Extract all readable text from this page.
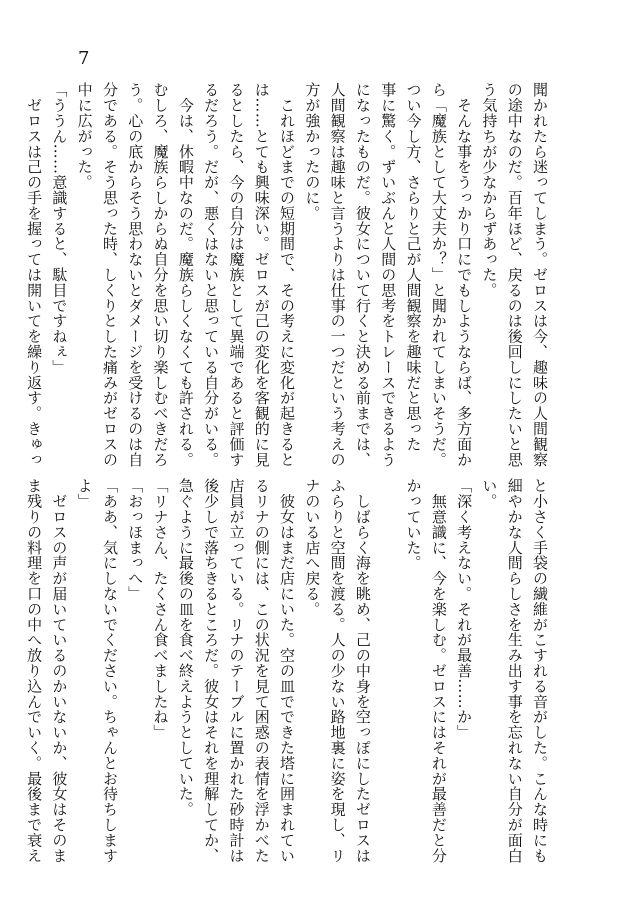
7
聞かれたら迷ってしまう。ゼロスは今、趣味の人間観察
の途中なのだ。百年ほど、戻るのは後回しにしたいと思
う気持ちが少なからずあった。
　そんな事をうっかり口にでもしようならば、多方面か
ら「魔族として大丈夫か？」と聞かれてしまいそうだ。
つい今し方、さらりと己が人間観察を趣味だと思った
事に驚く。ずいぶんと人間の思考をトレースできるよう
になったものだ。彼女について行くと決める前までは、
人間観察は趣味と言うよりは仕事の一つだという考えの
方が強かったのに。
　これほどまでの短期間で、その考えに変化が起きると
は……とても興味深い。ゼロスが己の変化を客観的に見
るとしたら、今の自分は魔族として異端であると評価す
るだろう。だが、悪くはないと思っている自分がいる。
　今は、休暇中なのだ。魔族らしくなくても許される。
むしろ、魔族らしからぬ自分を思い切り楽しむべきだろ
う。心の底からそう思わないとダメージを受けるのは自
分である。そう思った時、しくりとした痛みがゼロスの
中に広がった。
「ううん……意識すると、駄目ですねぇ」
　ゼロスは己の手を握っては開いてを繰り返す。きゅっ
と小さく手袋の繊維がこすれる音がした。こんな時にも
細やかな人間らしさを生み出す事を忘れない自分が面白
い。
「深く考えない。それが最善……か」
　無意識に、今を楽しむ。ゼロスにはそれが最善だと分
かっていた。

　しばらく海を眺め、己の中身を空っぽにしたゼロスは
ふらりと空間を渡る。人の少ない路地裏に姿を現し、リ
ナのいる店へ戻る。
　彼女はまだ店にいた。空の皿でできた塔に囲まれてい
るリナの側には、この状況を見て困惑の表情を浮かべた
店員が立っている。リナのテーブルに置かれた砂時計は
後少しで落ちきるところだ。彼女はそれを理解してか、
急ぐように最後の皿を食べ終えようとしていた。
「リナさん、たくさん食べましたね」
「おっほまっへ」
「ああ、気にしないでください。ちゃんとお待ちします
よ」
　ゼロスの声が届いているのかいないか、彼女はそのま
ま残りの料理を口の中へ放り込んでいく。最後まで衰え
